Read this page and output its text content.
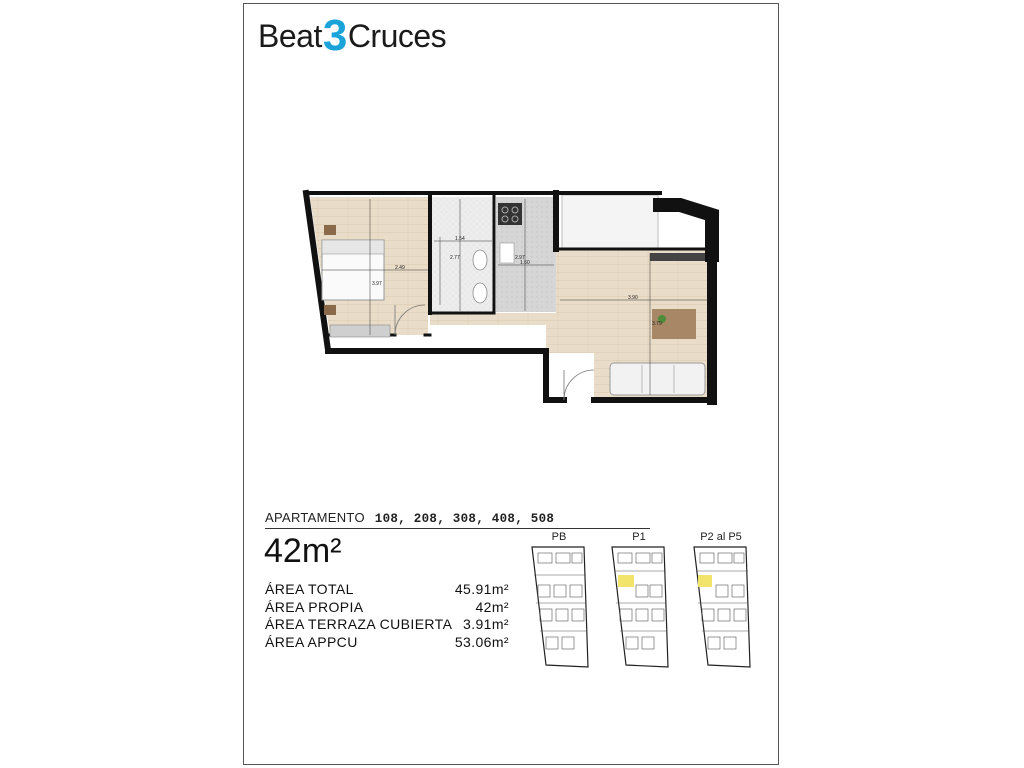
Beat 3 Cruces
2.49
1.54
2.77	2.97
1.60
3.90
3.79
3.97
APARTAMENTO 108, 208, 308, 408, 508
42m²
ÁREA TOTAL	45.91m²
ÁREA PROPIA	42m²
ÁREA TERRAZA CUBIERTA 3.91m²
ÁREA APPCU	53.06m²
PB	P1	P2 al P5
